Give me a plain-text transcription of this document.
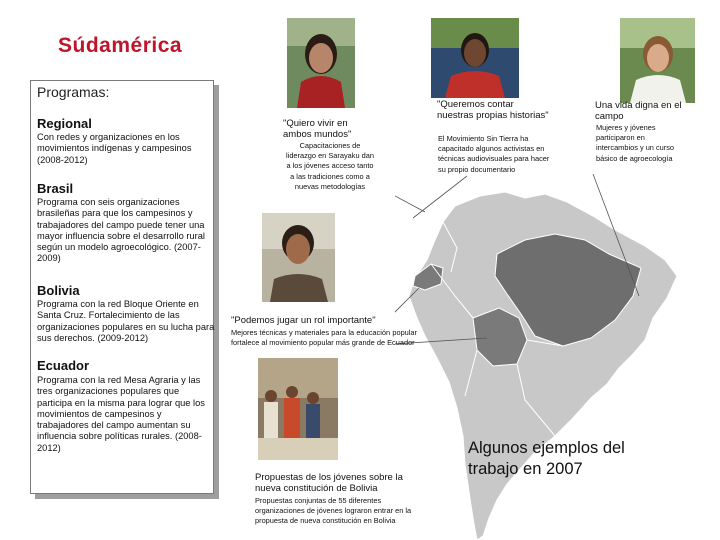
Súdamérica
Programas:
Regional
Con redes y organizaciones en los movimientos indígenas y campesinos (2008-2012)
Brasil
Programa con seis organizaciones brasileñas para que los campesinos y trabajadores del campo puede tener una mayor influencia sobre el desarrollo rural según un modelo agroecológico. (2007-2009)
Bolivia
Programa con la red Bloque Oriente en Santa Cruz. Fortalecimiento de las organizaciones populares en su lucha para sus derechos. (2009-2012)
Ecuador
Programa con la red Mesa Agraria y las tres organizaciones populares que participa en la misma para lograr que los movimientos de campesinos y trabajadores del campo aumentan su influencia sobre políticas rurales. (2008-2012)
"Quiero vivir en ambos mundos"
Capacitaciones de liderazgo en Sarayaku dan a los jóvenes acceso tanto a las tradiciones como a nuevas metodologías
"Queremos contar nuestras propias historias"
El Movimiento Sin Tierra ha capacitado algunos activistas en técnicas audiovisuales para hacer su propio documentario
Una vida digna en el campo
Mujeres y jóvenes participaron en intercambios y un curso básico de agroecología
"Podemos jugar un rol importante"
Mejores técnicas y materiales para la educación popular fortalece al movimiento popular más grande de Ecuador
Propuestas de los jóvenes sobre la nueva constitución de Bolivia
Propuestas conjuntas de 55 diferentes organizaciones de jóvenes lograron entrar en la propuesta de nueva constitución en Bolivia
Algunos ejemplos del trabajo en 2007
